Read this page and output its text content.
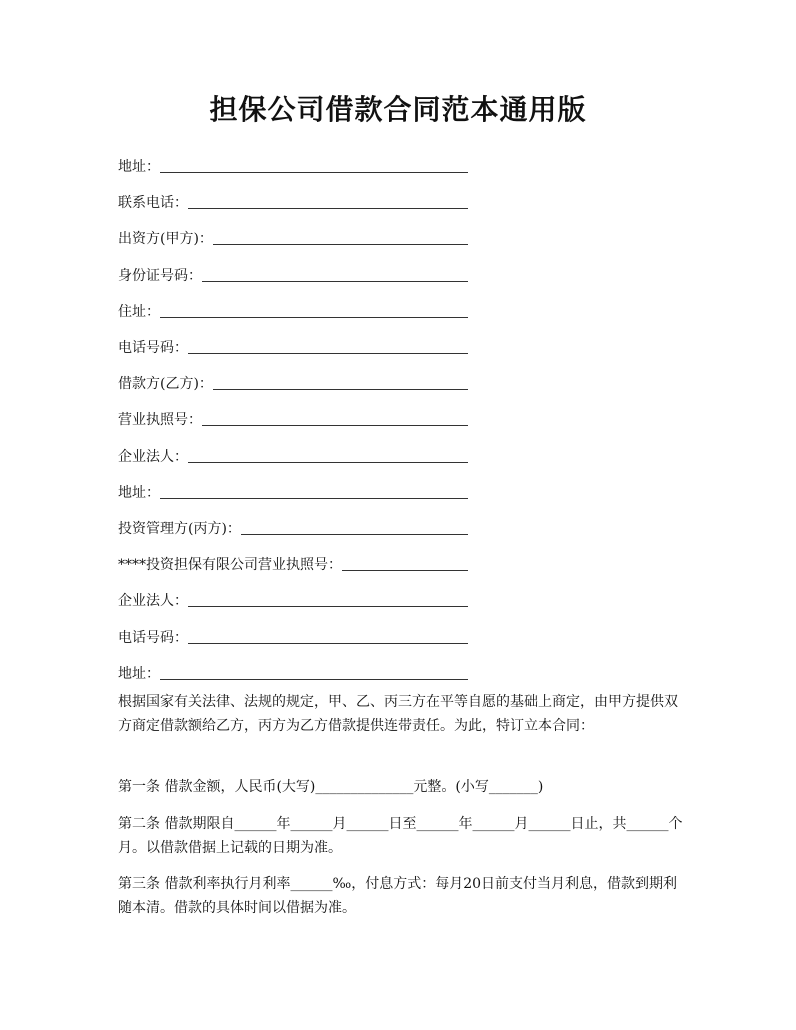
担保公司借款合同范本通用版
地址：
联系电话：
出资方(甲方)：
身份证号码：
住址：
电话号码：
借款方(乙方)：
营业执照号：
企业法人：
地址：
投资管理方(丙方)：
****投资担保有限公司营业执照号：
企业法人：
电话号码：
地址：

根据国家有关法律、法规的规定，甲、乙、丙三方在平等自愿的基础上商定，由甲方提供双方商定借款额给乙方，丙方为乙方借款提供连带责任。为此，特订立本合同：

第一条 借款金额，人民币(大写)______________元整。(小写_______)

第二条 借款期限自______年______月______日至______年______月______日止，共______个月。以借款借据上记载的日期为准。

第三条 借款利率执行月利率______‰，付息方式：每月20日前支付当月利息，借款到期利随本清。借款的具体时间以借据为准。
